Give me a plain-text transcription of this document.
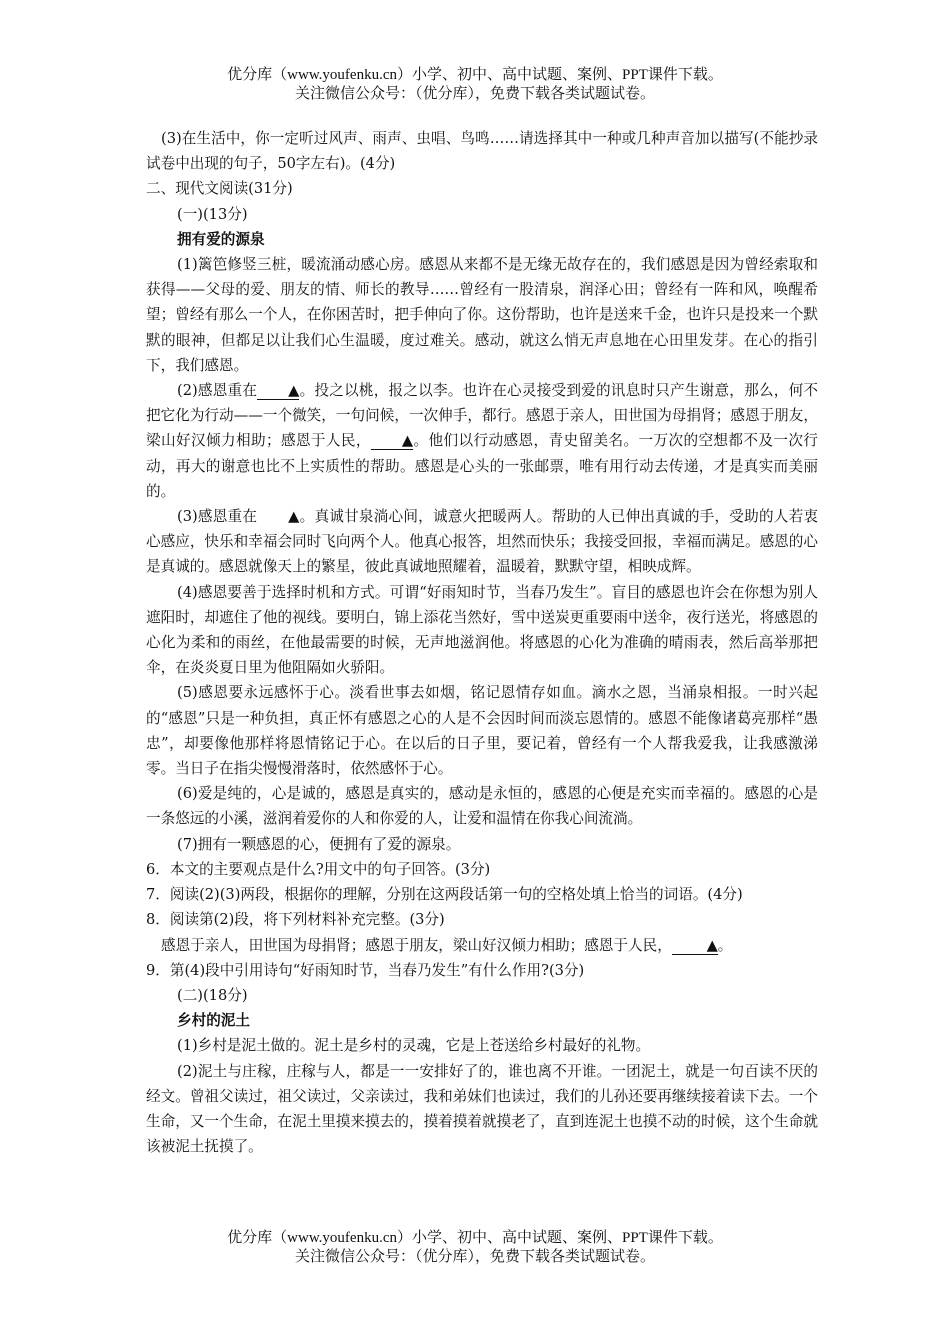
优分库（www.youfenku.cn）小学、初中、高中试题、案例、PPT课件下载。
关注微信公众号：（优分库），免费下载各类试题试卷。

(3)在生活中，你一定听过风声、雨声、虫唱、鸟鸣……请选择其中一种或几种声音加以描写(不能抄录试卷中出现的句子，50字左右)。(4分)

二、现代文阅读(31分)

(一)(13分)

拥有爱的源泉

(1)篱笆修竖三桩，暖流涌动感心房。感恩从来都不是无缘无故存在的，我们感恩是因为曾经索取和获得——父母的爱、朋友的情、师长的教导……曾经有一股清泉，润泽心田；曾经有一阵和风，唤醒希望；曾经有那么一个人，在你困苦时，把手伸向了你。这份帮助，也许是送来千金，也许只是投来一个默默的眼神，但都足以让我们心生温暖，度过难关。感动，就这么悄无声息地在心田里发芽。在心的指引下，我们感恩。

(2)感恩重在 ▲。投之以桃，报之以李。也许在心灵接受到爱的讯息时只产生谢意，那么，何不把它化为行动——一个微笑，一句问候，一次伸手，都行。感恩于亲人，田世国为母捐肾；感恩于朋友，梁山好汉倾力相助；感恩于人民， ▲。他们以行动感恩，青史留美名。一万次的空想都不及一次行动，再大的谢意也比不上实质性的帮助。感恩是心头的一张邮票，唯有用行动去传递，才是真实而美丽的。

(3)感恩重在 ▲。真诚甘泉淌心间，诚意火把暖两人。帮助的人已伸出真诚的手，受助的人若衷心感应，快乐和幸福会同时飞向两个人。他真心报答，坦然而快乐；我接受回报，幸福而满足。感恩的心是真诚的。感恩就像天上的繁星，彼此真诚地照耀着，温暖着，默默守望，相映成辉。

(4)感恩要善于选择时机和方式。可谓“好雨知时节，当春乃发生”。盲目的感恩也许会在你想为别人遮阳时，却遮住了他的视线。要明白，锦上添花当然好，雪中送炭更重要雨中送伞，夜行送光，将感恩的心化为柔和的雨丝，在他最需要的时候，无声地滋润他。将感恩的心化为准确的晴雨表，然后高举那把伞，在炎炎夏日里为他阻隔如火骄阳。

(5)感恩要永远感怀于心。淡看世事去如烟，铭记恩情存如血。滴水之恩，当涌泉相报。一时兴起的“感恩”只是一种负担，真正怀有感恩之心的人是不会因时间而淡忘恩情的。感恩不能像诸葛亮那样“愚忠”，却要像他那样将恩情铭记于心。在以后的日子里，要记着，曾经有一个人帮我爱我，让我感激涕零。当日子在指尖慢慢滑落时，依然感怀于心。

(6)爱是纯的，心是诚的，感恩是真实的，感动是永恒的，感恩的心便是充实而幸福的。感恩的心是一条悠远的小溪，滋润着爱你的人和你爱的人，让爱和温情在你我心间流淌。

(7)拥有一颗感恩的心，便拥有了爱的源泉。

6．本文的主要观点是什么?用文中的句子回答。(3分)

7．阅读(2)(3)两段，根据你的理解，分别在这两段话第一句的空格处填上恰当的词语。(4分)

8．阅读第(2)段，将下列材料补充完整。(3分)

感恩于亲人，田世国为母捐肾；感恩于朋友，梁山好汉倾力相助；感恩于人民， ▲。

9．第(4)段中引用诗句“好雨知时节，当春乃发生”有什么作用?(3分)

(二)(18分)

乡村的泥土

(1)乡村是泥土做的。泥土是乡村的灵魂，它是上苍送给乡村最好的礼物。

(2)泥土与庄稼，庄稼与人，都是一一安排好了的，谁也离不开谁。一团泥土，就是一句百读不厌的经文。曾祖父读过，祖父读过，父亲读过，我和弟妹们也读过，我们的儿孙还要再继续接着读下去。一个生命，又一个生命，在泥土里摸来摸去的，摸着摸着就摸老了，直到连泥土也摸不动的时候，这个生命就该被泥土抚摸了。

优分库（www.youfenku.cn）小学、初中、高中试题、案例、PPT课件下载。
关注微信公众号：（优分库），免费下载各类试题试卷。
